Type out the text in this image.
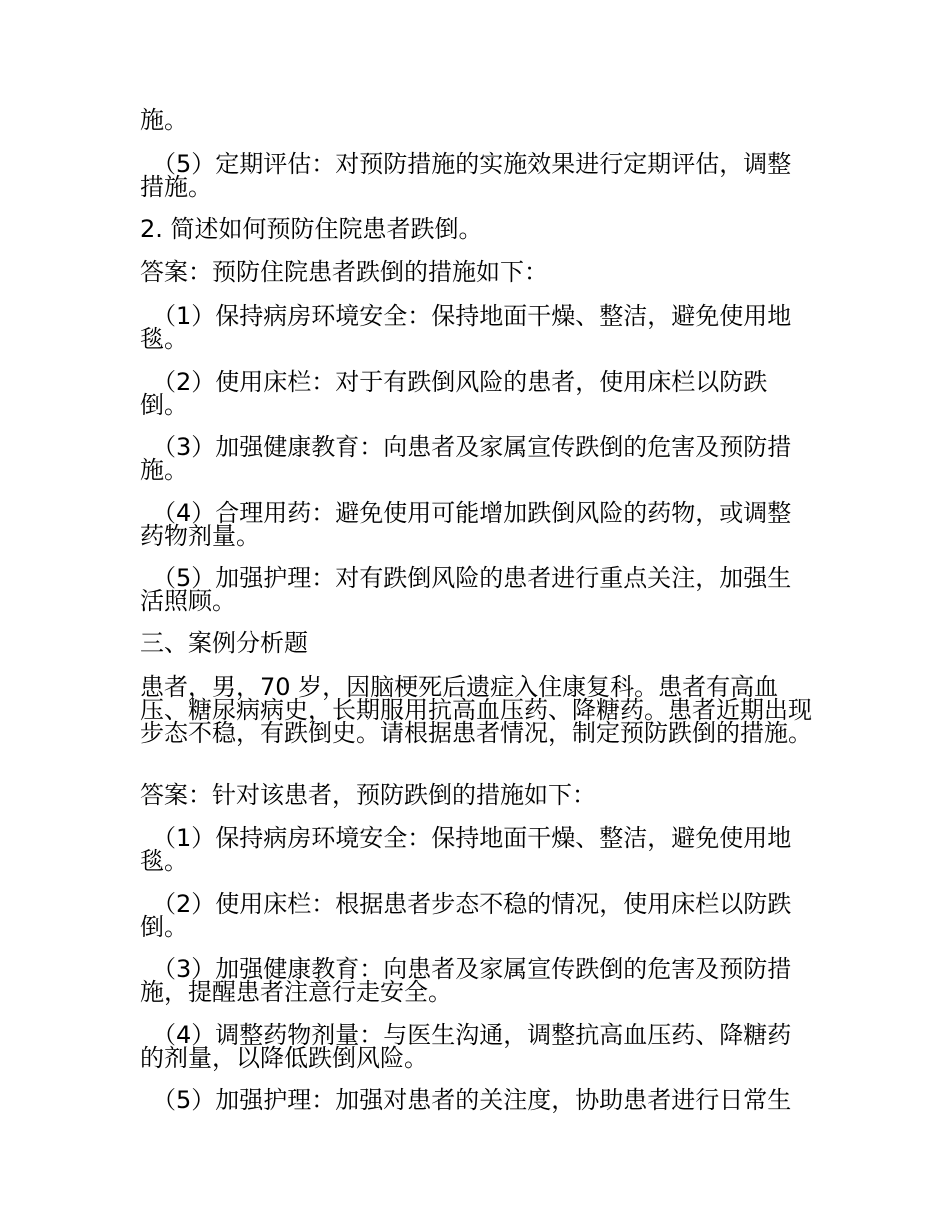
施。
（5）定期评估：对预防措施的实施效果进行定期评估，调整措施。
2. 简述如何预防住院患者跌倒。
答案：预防住院患者跌倒的措施如下：
（1）保持病房环境安全：保持地面干燥、整洁，避免使用地毯。
（2）使用床栏：对于有跌倒风险的患者，使用床栏以防跌倒。
（3）加强健康教育：向患者及家属宣传跌倒的危害及预防措施。
（4）合理用药：避免使用可能增加跌倒风险的药物，或调整药物剂量。
（5）加强护理：对有跌倒风险的患者进行重点关注，加强生活照顾。
三、案例分析题
患者，男，70 岁，因脑梗死后遗症入住康复科。患者有高血压、糖尿病病史，长期服用抗高血压药、降糖药。患者近期出现步态不稳，有跌倒史。请根据患者情况，制定预防跌倒的措施。
答案：针对该患者，预防跌倒的措施如下：
（1）保持病房环境安全：保持地面干燥、整洁，避免使用地毯。
（2）使用床栏：根据患者步态不稳的情况，使用床栏以防跌倒。
（3）加强健康教育：向患者及家属宣传跌倒的危害及预防措施，提醒患者注意行走安全。
（4）调整药物剂量：与医生沟通，调整抗高血压药、降糖药的剂量，以降低跌倒风险。
（5）加强护理：加强对患者的关注度，协助患者进行日常生
